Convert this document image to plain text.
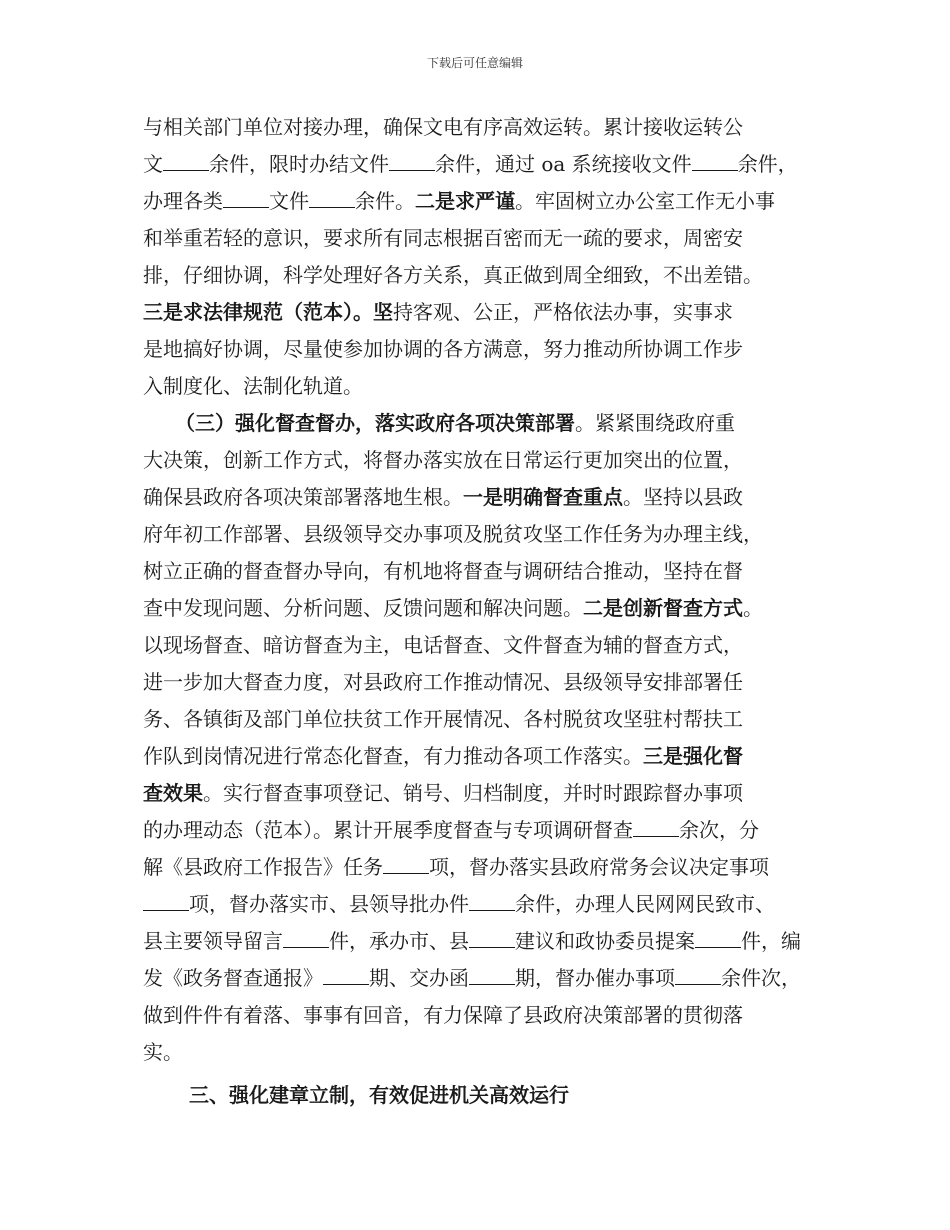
下载后可任意编辑
与相关部门单位对接办理，确保文电有序高效运转。累计接收运转公
文 余件，限时办结文件 余件，通过 oa 系统接收文件 余件，
办理各类 文件 余件。二是求严谨。牢固树立办公室工作无小事
和举重若轻的意识，要求所有同志根据百密而无一疏的要求，周密安
排，仔细协调，科学处理好各方关系，真正做到周全细致，不出差错。
三是求法律规范（范本）。坚持客观、公正，严格依法办事，实事求
是地搞好协调，尽量使参加协调的各方满意，努力推动所协调工作步
入制度化、法制化轨道。
（三）强化督查督办，落实政府各项决策部署。紧紧围绕政府重
大决策，创新工作方式，将督办落实放在日常运行更加突出的位置，
确保县政府各项决策部署落地生根。一是明确督查重点。坚持以县政
府年初工作部署、县级领导交办事项及脱贫攻坚工作任务为办理主线，
树立正确的督查督办导向，有机地将督查与调研结合推动，坚持在督
查中发现问题、分析问题、反馈问题和解决问题。二是创新督查方式。
以现场督查、暗访督查为主，电话督查、文件督查为辅的督查方式，
进一步加大督查力度，对县政府工作推动情况、县级领导安排部署任
务、各镇街及部门单位扶贫工作开展情况、各村脱贫攻坚驻村帮扶工
作队到岗情况进行常态化督查，有力推动各项工作落实。三是强化督
查效果。实行督查事项登记、销号、归档制度，并时时跟踪督办事项
的办理动态（范本）。累计开展季度督查与专项调研督查 余次，分
解《县政府工作报告》任务 项，督办落实县政府常务会议决定事项
项，督办落实市、县领导批办件 余件，办理人民网网民致市、
县主要领导留言 件，承办市、县 建议和政协委员提案 件，编
发《政务督查通报》 期、交办函 期，督办催办事项 余件次，
做到件件有着落、事事有回音，有力保障了县政府决策部署的贯彻落
实。
三、强化建章立制，有效促进机关高效运行
